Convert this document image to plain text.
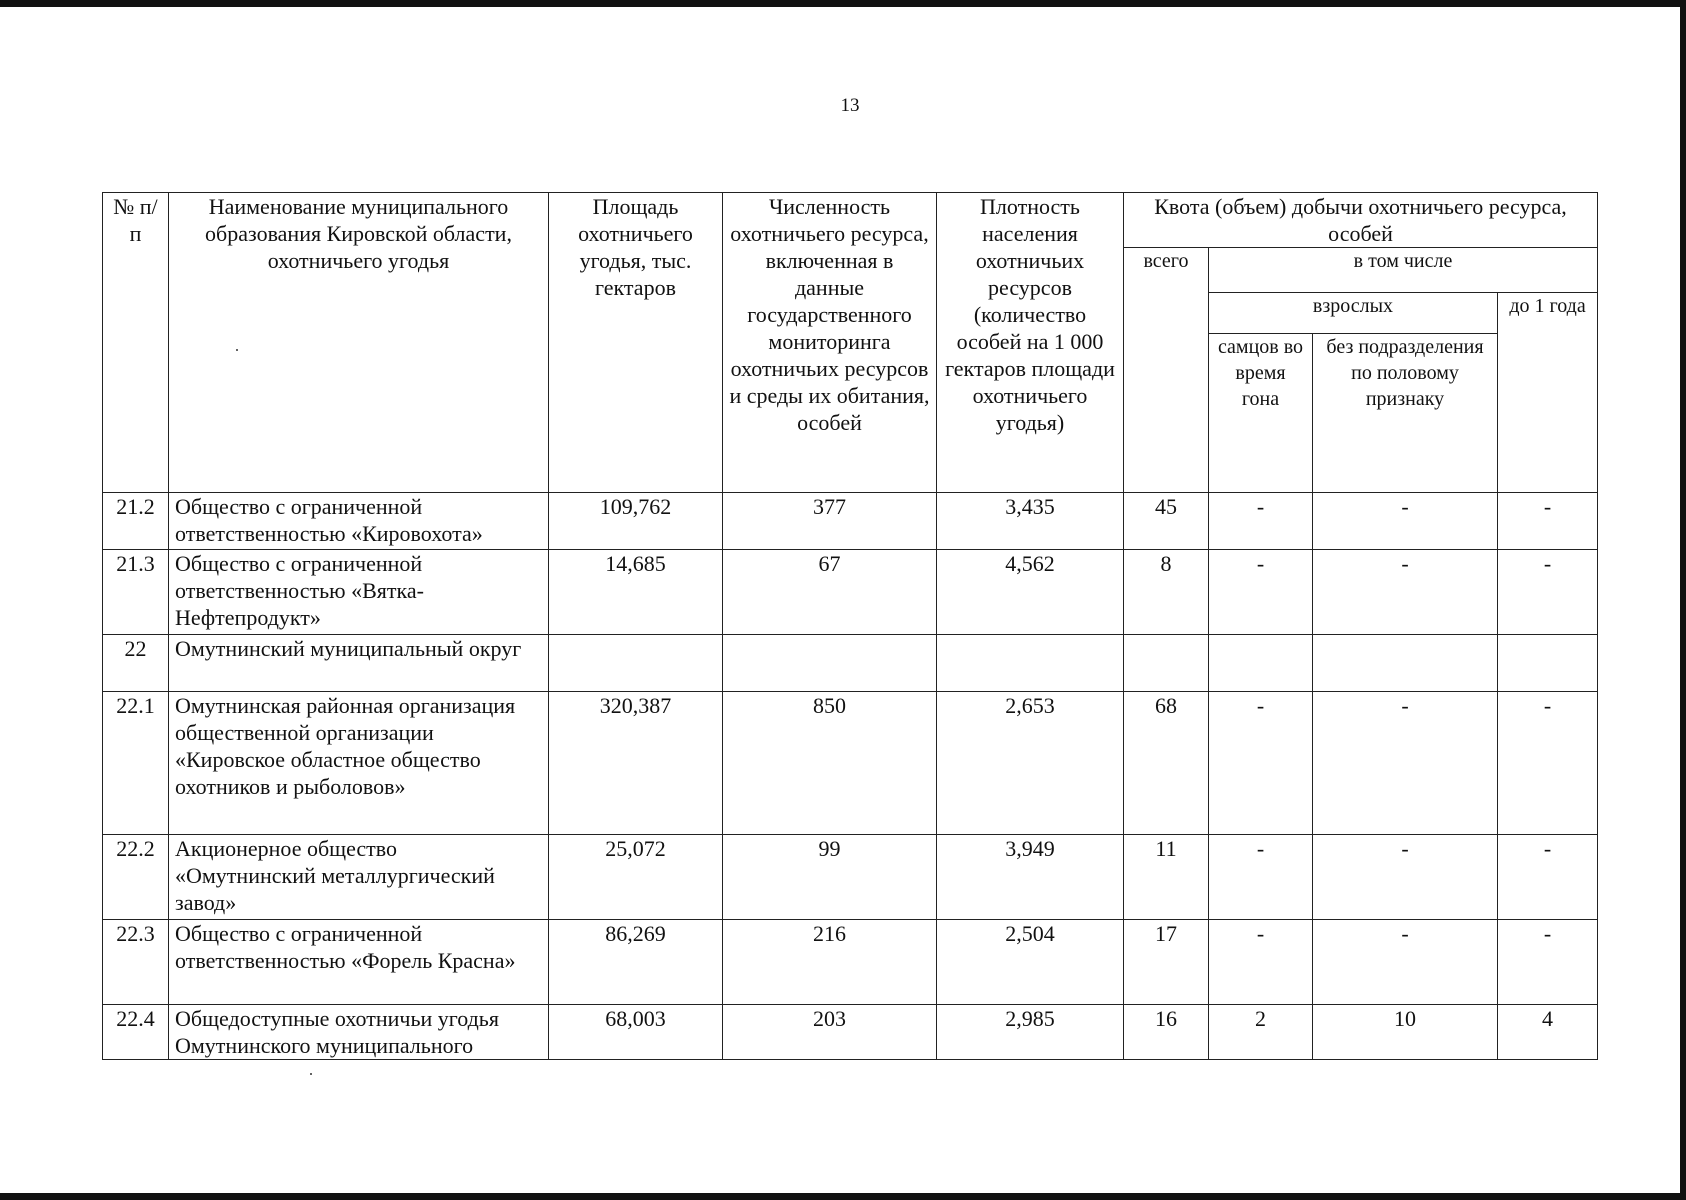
13
№ п/п	Наименование муниципального образования Кировской области, охотничьего угодья	Площадь охотничьего угодья, тыс. гектаров	Численность охотничьего ресурса, включенная в данные государственного мониторинга охотничьих ресурсов и среды их обитания, особей	Плотность населения охотничьих ресурсов (количество особей на 1 000 гектаров площади охотничьего угодья)	Квота (объем) добычи охотничьего ресурса, особей			
					всего	в том числе		
						взрослых		до 1 года
						самцов во время гона	без подразделения по половому признаку	
21.2	Общество с ограниченной ответственностью «Кировохота»	109,762	377	3,435	45	-	-	-
21.3	Общество с ограниченной ответственностью «Вятка-Нефтепродукт»	14,685	67	4,562	8	-	-	-
22	Омутнинский муниципальный округ							
22.1	Омутнинская районная организация общественной организации «Кировское областное общество охотников и рыболовов»	320,387	850	2,653	68	-	-	-
22.2	Акционерное общество «Омутнинский металлургический завод»	25,072	99	3,949	11	-	-	-
22.3	Общество с ограниченной ответственностью «Форель Красна»	86,269	216	2,504	17	-	-	-
22.4	Общедоступные охотничьи угодья Омутнинского муниципального	68,003	203	2,985	16	2	10	4
